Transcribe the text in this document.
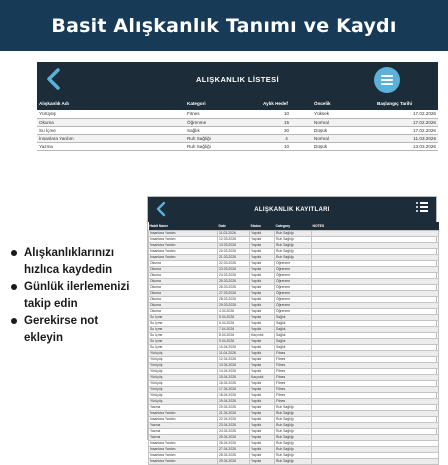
Basit Alışkanlık Tanımı ve Kaydı
ALIŞKANLIK LİSTESİ
Alışkanlık Adı	Kategori	Aylık Hedef	Öncelik	Başlangıç Tarihi
Yürüyüş	Fitnes	10	Yüksek	17.02.2026
Okuma	Öğrenme	15	Normal	17.02.2026
Su İçme	Sağlık	30	Düşük	17.02.2026
İnsanlara Yardım	Ruh Sağlığı	4	Normal	11.03.2026
Yazma	Ruh Sağlığı	10	Düşük	13.03.2026
ALIŞKANLIK KAYITLARI
Habit Name	Date	Status	Category	NOTES
İnsanlara Yardım	11.03.2026	Yapıldı	Ruh Sağlığı	
İnsanlara Yardım	12.03.2026	Yapıldı	Ruh Sağlığı	
İnsanlara Yardım	13.03.2026	Yapıldı	Ruh Sağlığı	
İnsanlara Yardım	20.03.2026	Yapıldı	Ruh Sağlığı	
İnsanlara Yardım	21.03.2026	Yapıldı	Ruh Sağlığı	
Okuma	22.03.2026	Yapıldı	Öğrenme	
Okuma	23.03.2026	Yapıldı	Öğrenme	
Okuma	24.03.2026	Yapıldı	Öğrenme	
Okuma	25.03.2026	Yapıldı	Öğrenme	
Okuma	26.03.2026	Yapıldı	Öğrenme	
Okuma	27.03.2026	Yapıldı	Öğrenme	
Okuma	28.03.2026	Yapıldı	Öğrenme	
Okuma	29.03.2026	Yapıldı	Öğrenme	
Okuma	4.04.2026	Yapıldı	Öğrenme	
Su İçme	5.04.2026	Yapıldı	Sağlık	
Su İçme	6.04.2026	Yapıldı	Sağlık	
Su İçme	7.04.2026	Yapıldı	Sağlık	
Su İçme	8.04.2026	Kaçırıldı	Sağlık	
Su İçme	9.04.2026	Yapıldı	Sağlık	
Su İçme	10.04.2026	Yapıldı	Sağlık	
Yürüyüş	11.04.2026	Yapıldı	Fitnes	
Yürüyüş	12.04.2026	Yapıldı	Fitnes	
Yürüyüş	13.04.2026	Yapıldı	Fitnes	
Yürüyüş	14.04.2026	Yapıldı	Fitnes	
Yürüyüş	15.04.2026	Kaçırıldı	Fitnes	
Yürüyüş	16.04.2026	Yapıldı	Fitnes	
Yürüyüş	17.04.2026	Yapıldı	Fitnes	
Yürüyüş	18.04.2026	Yapıldı	Fitnes	
Yürüyüş	19.04.2026	Yapıldı	Fitnes	
Yazma	20.04.2026	Yapıldı	Ruh Sağlığı	
İnsanlara Yardım	21.04.2026	Yapıldı	Ruh Sağlığı	
İnsanlara Yardım	22.04.2026	Yapıldı	Ruh Sağlığı	
Yazma	23.04.2026	Yapıldı	Ruh Sağlığı	
Yazma	24.04.2026	Yapıldı	Ruh Sağlığı	
Yazma	25.04.2026	Yapıldı	Ruh Sağlığı	
İnsanlara Yardım	26.04.2026	Yapıldı	Ruh Sağlığı	
İnsanlara Yardım	27.04.2026	Yapıldı	Ruh Sağlığı	
İnsanlara Yardım	28.04.2026	Yapıldı	Ruh Sağlığı	
İnsanlara Yardım	29.04.2026	Yapıldı	Ruh Sağlığı	
Alışkanlıklarınızı hızlıca kaydedin
Günlük ilerlemenizi takip edin
Gerekirse not ekleyin
